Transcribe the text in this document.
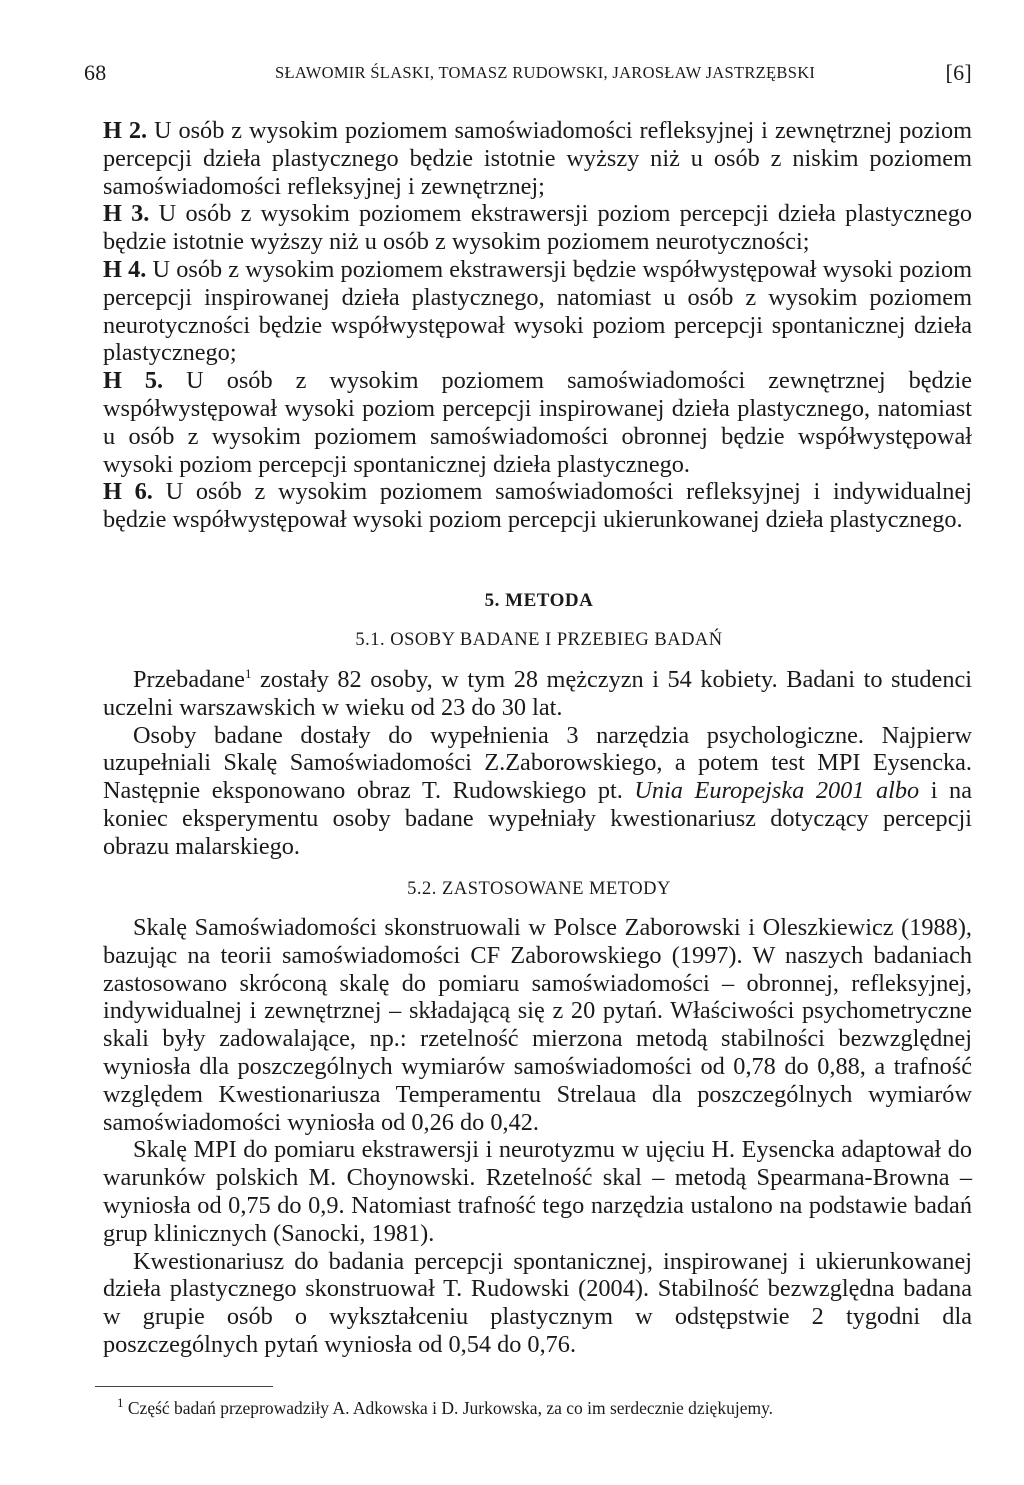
68	SŁAWOMIR ŚLASKI, TOMASZ RUDOWSKI, JAROSŁAW JASTRZĘBSKI	[6]

H 2. U osób z wysokim poziomem samoświadomości refleksyjnej i zewnętrznej poziom percepcji dzieła plastycznego będzie istotnie wyższy niż u osób z niskim poziomem samoświadomości refleksyjnej i zewnętrznej;

H 3. U osób z wysokim poziomem ekstrawersji poziom percepcji dzieła plastycznego będzie istotnie wyższy niż u osób z wysokim poziomem neurotyczności;

H 4. U osób z wysokim poziomem ekstrawersji będzie współwystępował wysoki poziom percepcji inspirowanej dzieła plastycznego, natomiast u osób z wysokim poziomem neurotyczności będzie współwystępował wysoki poziom percepcji spontanicznej dzieła plastycznego;

H 5. U osób z wysokim poziomem samoświadomości zewnętrznej będzie współwystępował wysoki poziom percepcji inspirowanej dzieła plastycznego, natomiast u osób z wysokim poziomem samoświadomości obronnej będzie współwystępował wysoki poziom percepcji spontanicznej dzieła plastycznego.

H 6. U osób z wysokim poziomem samoświadomości refleksyjnej i indywidualnej będzie współwystępował wysoki poziom percepcji ukierunkowanej dzieła plastycznego.

5. METODA
5.1. OSOBY BADANE I PRZEBIEG BADAŃ

Przebadane$^1$ zostały 82 osoby, w tym 28 mężczyzn i 54 kobiety. Badani to studenci uczelni warszawskich w wieku od 23 do 30 lat.

Osoby badane dostały do wypełnienia 3 narzędzia psychologiczne. Najpierw uzupełniali Skalę Samoświadomości Z.Zaborowskiego, a potem test MPI Eysencka. Następnie eksponowano obraz T. Rudowskiego pt. Unia Europejska 2001 albo i na koniec eksperymentu osoby badane wypełniały kwestionariusz dotyczący percepcji obrazu malarskiego.

5.2. ZASTOSOWANE METODY

Skalę Samoświadomości skonstruowali w Polsce Zaborowski i Oleszkiewicz (1988), bazując na teorii samoświadomości CF Zaborowskiego (1997). W naszych badaniach zastosowano skróconą skalę do pomiaru samoświadomości – obronnej, refleksyjnej, indywidualnej i zewnętrznej – składającą się z 20 pytań. Właściwości psychometryczne skali były zadowalające, np.: rzetelność mierzona metodą stabilności bezwzględnej wyniosła dla poszczególnych wymiarów samoświadomości od 0,78 do 0,88, a trafność względem Kwestionariusza Temperamentu Strelaua dla poszczególnych wymiarów samoświadomości wyniosła od 0,26 do 0,42.

Skalę MPI do pomiaru ekstrawersji i neurotyzmu w ujęciu H. Eysencka adaptował do warunków polskich M. Choynowski. Rzetelność skal – metodą Spearmana-Browna – wyniosła od 0,75 do 0,9. Natomiast trafność tego narzędzia ustalono na podstawie badań grup klinicznych (Sanocki, 1981).

Kwestionariusz do badania percepcji spontanicznej, inspirowanej i ukierunkowanej dzieła plastycznego skonstruował T. Rudowski (2004). Stabilność bezwzględna badana w grupie osób o wykształceniu plastycznym w odstępstwie 2 tygodni dla poszczególnych pytań wyniosła od 0,54 do 0,76.

$^1$ Część badań przeprowadziły A. Adkowska i D. Jurkowska, za co im serdecznie dziękujemy.
